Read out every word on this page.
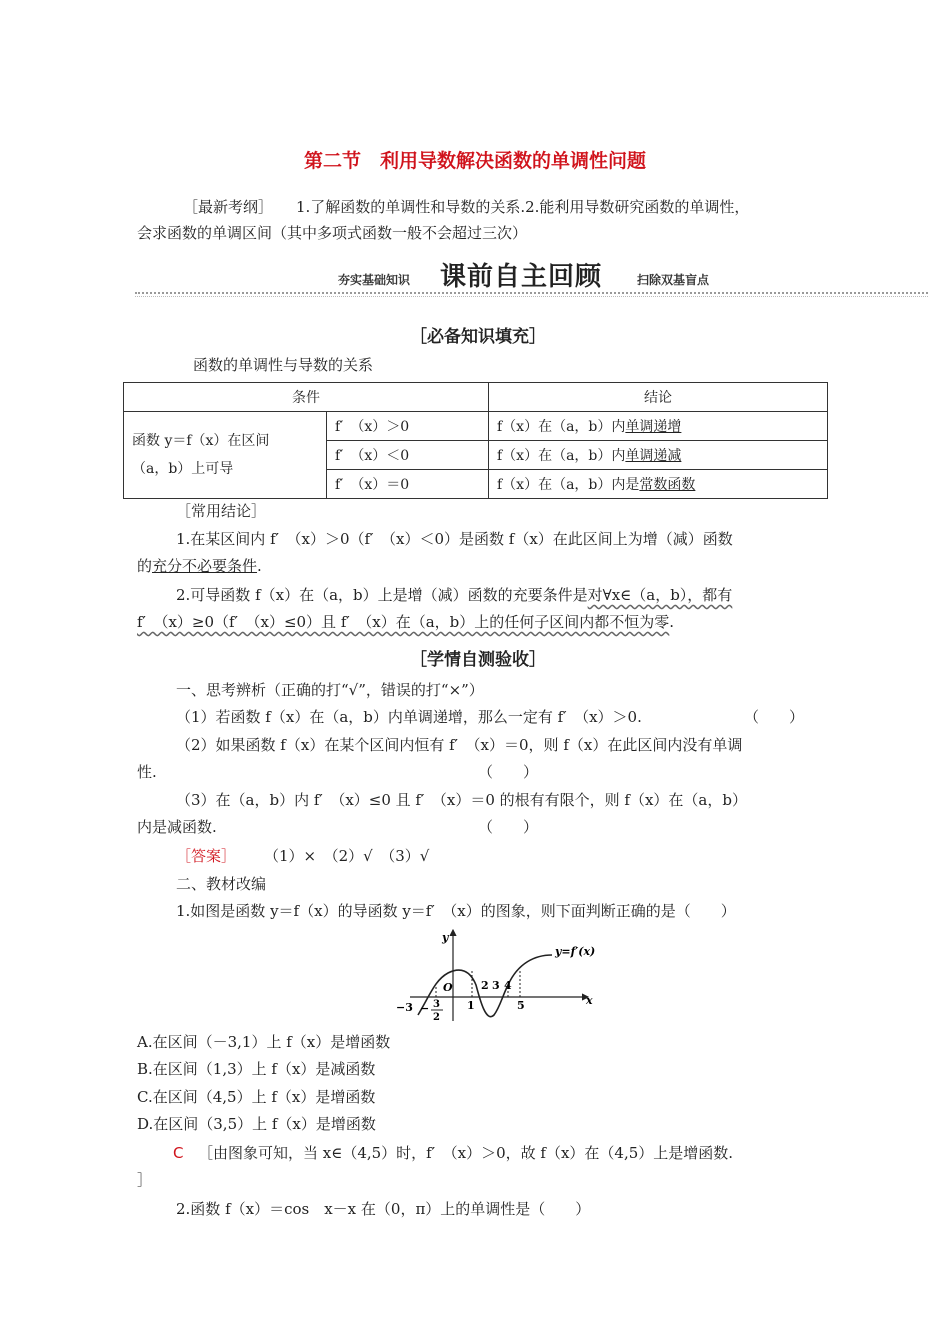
第二节　利用导数解决函数的单调性问题
［最新考纲］ 1.了解函数的单调性和导数的关系.2.能利用导数研究函数的单调性，
会求函数的单调区间（其中多项式函数一般不会超过三次）
夯实基础知识 课前自主回顾	扫除双基盲点
［必备知识填充］
函数的单调性与导数的关系
条件		结论

函数 y＝f（x）在区间
（a，b）上可导	f′　（x）＞0	f（x）在（a，b）内单调递增
	f′　（x）＜0	f（x）在（a，b）内单调递减
	f′　（x）＝0	f（x）在（a，b）内是常数函数
［常用结论］
1.在某区间内 f′　（x）＞0（f′　（x）＜0）是函数 f（x）在此区间上为增（减）函数
的充分不必要条件.
2.可导函数 f（x）在（a，b）上是增（减）函数的充要条件是对∀x∈（a，b），都有
f′　（x）≥0（f′　（x）≤0）且 f′　（x）在（a，b）上的任何子区间内都不恒为零.
［学情自测验收］
一、思考辨析（正确的打“√”，错误的打“×”）
（1）若函数 f（x）在（a，b）内单调递增，那么一定有 f′　（x）＞0.	（　　）
（2）如果函数 f（x）在某个区间内恒有 f′　（x）＝0，则 f（x）在此区间内没有单调
性.	（　　）
（3）在（a，b）内 f′　（x）≤0 且 f′　（x）＝0 的根有有限个，则 f（x）在（a，b）
内是减函数.	（　　）
［答案］ （1）×　（2）√　（3）√
二、教材改编
1.如图是函数 y＝f（x）的导函数 y＝f′　（x）的图象，则下面判断正确的是（　　）
y
x
y=f′(x)
O
−3 − 3
2
1
2 3 4
5
A.在区间（－3,1）上 f（x）是增函数
B.在区间（1,3）上 f（x）是减函数
C.在区间（4,5）上 f（x）是增函数
D.在区间（3,5）上 f（x）是增函数
C ［由图象可知，当 x∈（4,5）时，f′　（x）＞0，故 f（x）在（4,5）上是增函数.
］
2.函数 f（x）＝cos　x－x 在（0，π）上的单调性是（　　）
